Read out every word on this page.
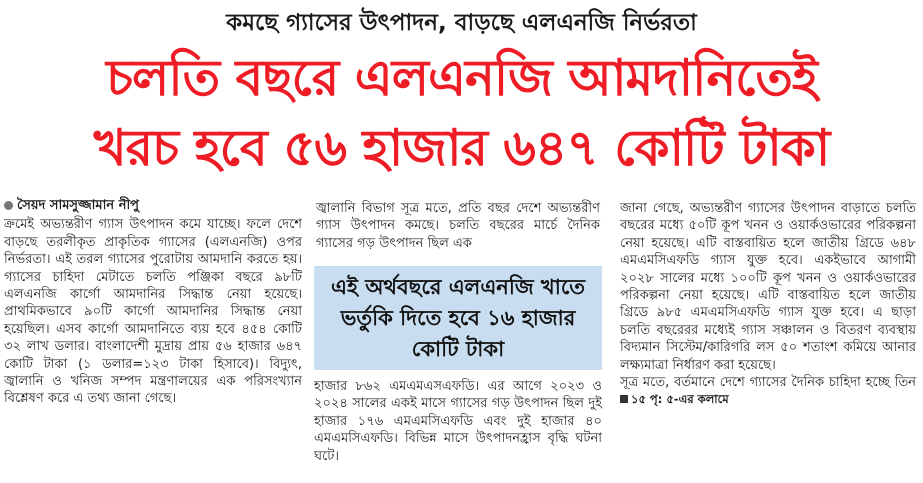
কমছে গ্যাসের উৎপাদন, বাড়ছে এলএনজি নির্ভরতা
চলতি বছরে এলএনজি আমদানিতেই
খরচ হবে ৫৬ হাজার ৬৪৭ কোটি টাকা
সৈয়দ সামসুজ্জামান নীপু

ক্রমেই অভ্যন্তরীণ গ্যাস উৎপাদন কমে যাচ্ছে। ফলে দেশে বাড়ছে তরলীকৃত প্রাকৃতিক গ্যাসের (এলএনজি) ওপর নির্ভরতা। এই তরল গ্যাসের পুরোটায় আমদানি করতে হয়। গ্যাসের চাহিদা মেটাতে চলতি পঞ্জিকা বছরে ৯৮টি এলএনজি কার্গো আমদানির সিদ্ধান্ত নেয়া হয়েছে। প্রাথমিকভাবে ৯০টি কার্গো আমদানির সিদ্ধান্ত নেয়া হয়েছিল। এসব কার্গো আমদানিতে ব্যয় হবে ৪৫৪ কোটি ৩২ লাখ ডলার। বাংলাদেশী মুদ্রায় প্রায় ৫৬ হাজার ৬৪৭ কোটি টাকা (১ ডলার=১২৩ টাকা হিসাবে)। বিদ্যুৎ, জ্বালানি ও খনিজ সম্পদ মন্ত্রণালয়ের এক পরিসংখ্যান বিশ্লেষণ করে এ তথ্য জানা গেছে।

জ্বালানি বিভাগ সূত্র মতে, প্রতি বছর দেশে অভ্যন্তরীণ গ্যাস উৎপাদন কমছে। চলতি বছরের মার্চে দৈনিক গ্যাসের গড় উৎপাদন ছিল এক

এই অর্থবছরে এলএনজি খাতে ভর্তুকি দিতে হবে ১৬ হাজার কোটি টাকা

হাজার ৮৬২ এমএমএসএফডি। এর আগে ২০২৩ ও ২০২৪ সালের একই মাসে গ্যাসের গড় উৎপাদন ছিল দুই হাজার ১৭৬ এমএমসিএফডি এবং দুই হাজার ৪০ এমএমসিএফডি। বিভিন্ন মাসে উৎপাদনহ্রাস বৃদ্ধি ঘটনা ঘটে।

জানা গেছে, অভ্যন্তরীণ গ্যাসের উৎপাদন বাড়াতে চলতি বছরের মধ্যে ৫০টি কূপ খনন ও ওয়ার্কওভারের পরিকল্পনা নেয়া হয়েছে। এটি বাস্তবায়িত হলে জাতীয় গ্রিডে ৬৪৮ এমএমসিএফডি গ্যাস যুক্ত হবে। একইভাবে আগামী ২০২৮ সালের মধ্যে ১০০টি কূপ খনন ও ওয়ার্কওভারের পরিকল্পনা নেয়া হয়েছে। এটি বাস্তবায়িত হলে জাতীয় গ্রিডে ৯৮৫ এমএমসিএফডি গ্যাস যুক্ত হবে। এ ছাড়া চলতি বছরেরর মধ্যেই গ্যাস সঞ্চালন ও বিতরণ ব্যবস্থায় বিদ্যমান সিস্টেম/কারিগরি লস ৫০ শতাংশ কমিয়ে আনার লক্ষ্যমাত্রা নির্ধারণ করা হয়েছে।

সূত্র মতে, বর্তমানে দেশে গ্যাসের দৈনিক চাহিদা হচ্ছে তিন ১৫ পৃ: ৫-এর কলামে
